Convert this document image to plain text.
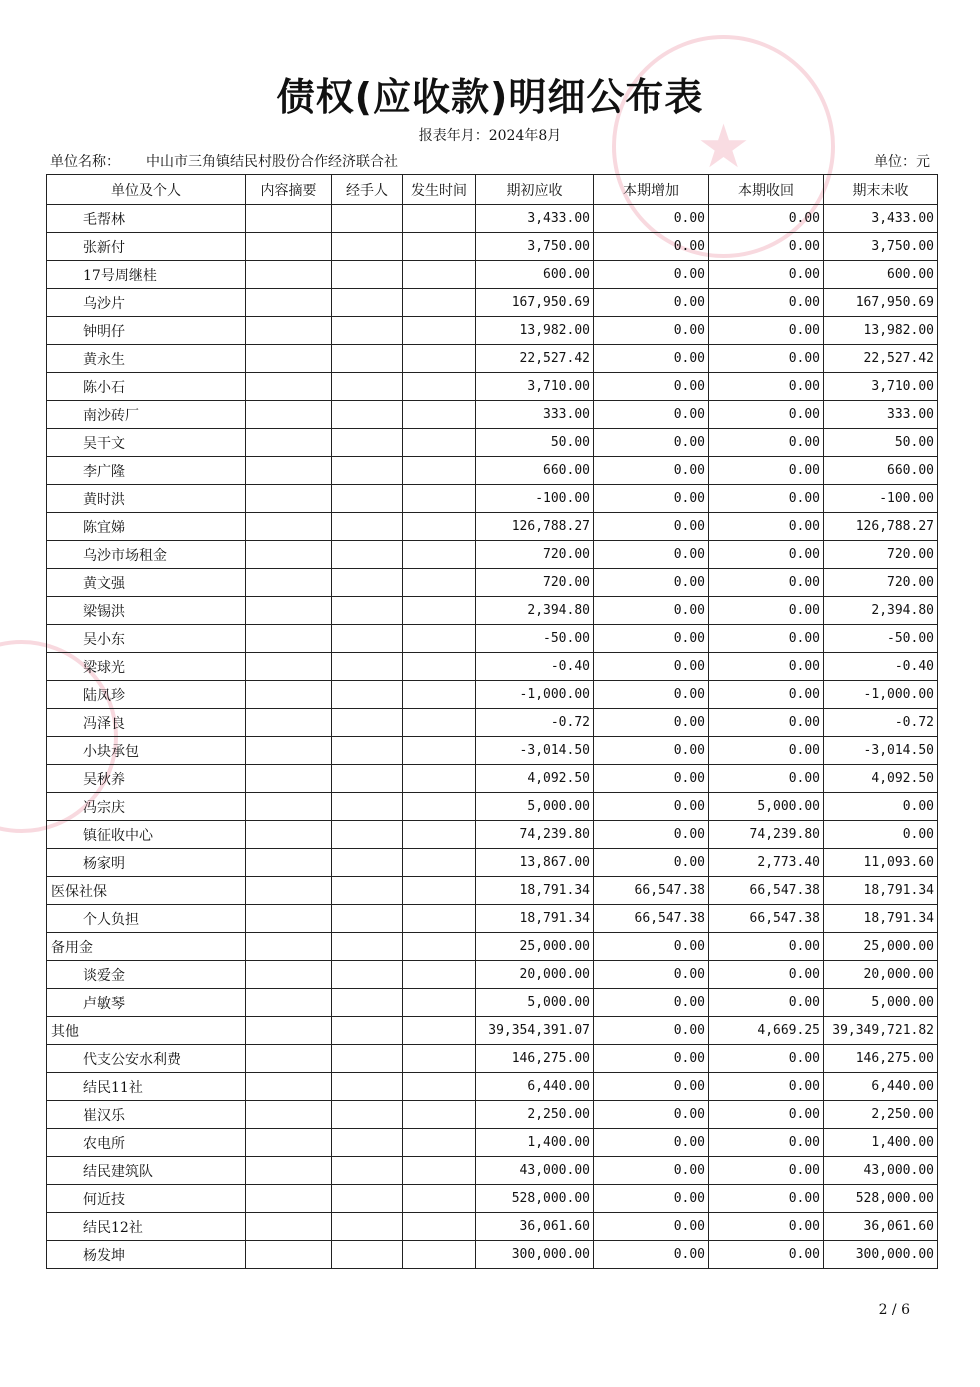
★
债权(应收款)明细公布表
报表年月：2024年8月
单位名称： 中山市三角镇结民村股份合作经济联合社	单位：元
单位及个人	内容摘要	经手人	发生时间	期初应收	本期增加	本期收回	期末未收
毛帮林				3,433.00	0.00	0.00	3,433.00
张新付				3,750.00	0.00	0.00	3,750.00
17号周继桂				600.00	0.00	0.00	600.00
乌沙片				167,950.69	0.00	0.00	167,950.69
钟明仔				13,982.00	0.00	0.00	13,982.00
黄永生				22,527.42	0.00	0.00	22,527.42
陈小石				3,710.00	0.00	0.00	3,710.00
南沙砖厂				333.00	0.00	0.00	333.00
吴干文				50.00	0.00	0.00	50.00
李广隆				660.00	0.00	0.00	660.00
黄时洪				-100.00	0.00	0.00	-100.00
陈宜娣				126,788.27	0.00	0.00	126,788.27
乌沙市场租金				720.00	0.00	0.00	720.00
黄文强				720.00	0.00	0.00	720.00
梁锡洪				2,394.80	0.00	0.00	2,394.80
吴小东				-50.00	0.00	0.00	-50.00
梁球光				-0.40	0.00	0.00	-0.40
陆凤珍				-1,000.00	0.00	0.00	-1,000.00
冯泽良				-0.72	0.00	0.00	-0.72
小块承包				-3,014.50	0.00	0.00	-3,014.50
吴秋养				4,092.50	0.00	0.00	4,092.50
冯宗庆				5,000.00	0.00	5,000.00	0.00
镇征收中心				74,239.80	0.00	74,239.80	0.00
杨家明				13,867.00	0.00	2,773.40	11,093.60
医保社保				18,791.34	66,547.38	66,547.38	18,791.34
个人负担				18,791.34	66,547.38	66,547.38	18,791.34
备用金				25,000.00	0.00	0.00	25,000.00
谈爱金				20,000.00	0.00	0.00	20,000.00
卢敏琴				5,000.00	0.00	0.00	5,000.00
其他				39,354,391.07	0.00	4,669.25	39,349,721.82
代支公安水利费				146,275.00	0.00	0.00	146,275.00
结民11社				6,440.00	0.00	0.00	6,440.00
崔汉乐				2,250.00	0.00	0.00	2,250.00
农电所				1,400.00	0.00	0.00	1,400.00
结民建筑队				43,000.00	0.00	0.00	43,000.00
何近技				528,000.00	0.00	0.00	528,000.00
结民12社				36,061.60	0.00	0.00	36,061.60
杨发坤				300,000.00	0.00	0.00	300,000.00
2 / 6
